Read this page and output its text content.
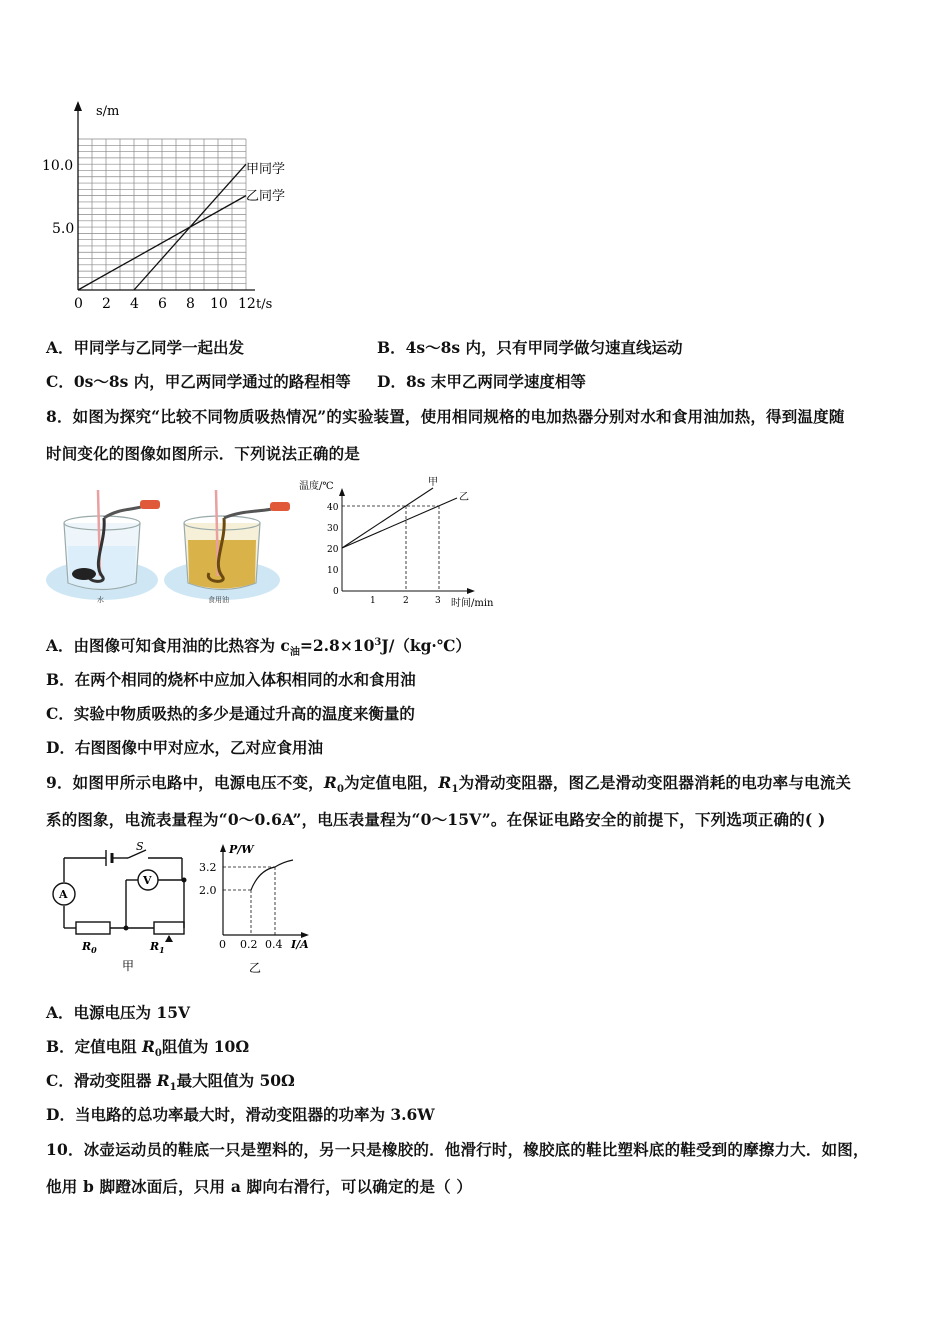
s/m
t/s
10.0
5.0
0 2 4 6 8 10 12
甲同学
乙同学
A．甲同学与乙同学一起出发	B．4s～8s 内，只有甲同学做匀速直线运动
C．0s～8s 内，甲乙两同学通过的路程相等 D．8s 末甲乙两同学速度相等
8．如图为探究“比较不同物质吸热情况”的实验装置，使用相同规格的电加热器分别对水和食用油加热，得到温度随
时间变化的图像如图所示．下列说法正确的是
水	食用油
温度/℃
时间/min
40
30
20
10
0
1	2	3
甲
乙
A．由图像可知食用油的比热容为 $c_油=2.8\times 10^3J/(kg\cdot℃)$
B．在两个相同的烧杯中应加入体积相同的水和食用油
C．实验中物质吸热的多少是通过升高的温度来衡量的
D．右图图像中甲对应水，乙对应食用油
9．如图甲所示电路中，电源电压不变，$R_0$为定值电阻，$R_1$为滑动变阻器，图乙是滑动变阻器消耗的电功率与电流关
系的图象，电流表量程为“0～0.6A”，电压表量程为“0～15V”。在保证电路安全的前提下，下列选项正确的( )
S
A
V
$R_0$	$R_1$
甲
P/W
3.2
2.0
0 0.2 0.4 I/A
乙
A．电源电压为 15V
B．定值电阻 $R_0$阻值为 10Ω
C．滑动变阻器 $R_1$最大阻值为 50Ω
D．当电路的总功率最大时，滑动变阻器的功率为 3.6W
10．冰壶运动员的鞋底一只是塑料的，另一只是橡胶的．他滑行时，橡胶底的鞋比塑料底的鞋受到的摩擦力大．如图，
他用 b 脚蹬冰面后，只用 a 脚向右滑行，可以确定的是（ ）
